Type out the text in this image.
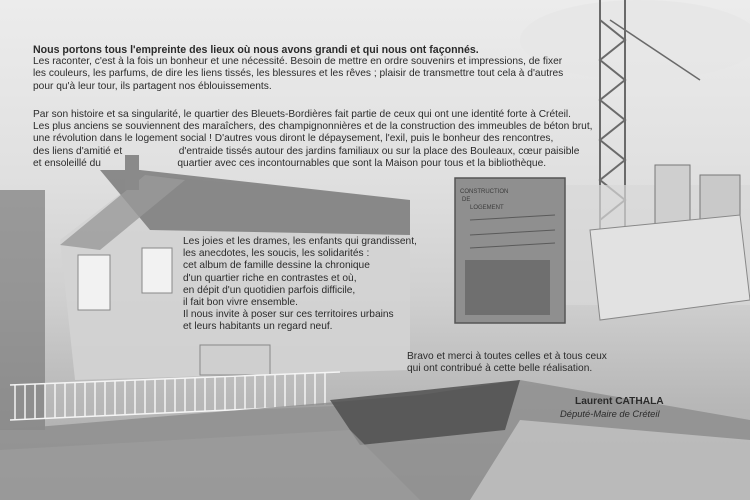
CONSTRUCTION
DE
LOGEMENT

Nous portons tous l'empreinte des lieux où nous avons grandi et qui nous ont façonnés.

Les raconter, c'est à la fois un bonheur et une nécessité. Besoin de mettre en ordre souvenirs et impressions, de fixer

les couleurs, les parfums, de dire les liens tissés, les blessures et les rêves ; plaisir de transmettre tout cela à d'autres

pour qu'à leur tour, ils partagent nos éblouissements.

Par son histoire et sa singularité, le quartier des Bleuets-Bordières fait partie de ceux qui ont une identité forte à Créteil.

Les plus anciens se souviennent des maraîchers, des champignonnières et de la construction des immeubles de béton brut,

une révolution dans le logement social ! D'autres vous diront le dépaysement, l'exil, puis le bonheur des rencontres,

des liens d'amitié et                    d'entraide tissés autour des jardins familiaux ou sur la place des Bouleaux, cœur paisible

et ensoleillé du                           quartier avec ces incontournables que sont la Maison pour tous et la bibliothèque.

Les joies et les drames, les enfants qui grandissent,

les anecdotes, les soucis, les solidarités :

cet album de famille dessine la chronique

d'un quartier riche en contrastes et où,

en dépit d'un quotidien parfois difficile,

il fait bon vivre ensemble.

Il nous invite à poser sur ces territoires urbains

et leurs habitants un regard neuf.

Bravo et merci à toutes celles et à tous ceux

qui ont contribué à cette belle réalisation.

Laurent CATHALA
Député-Maire de Créteil
